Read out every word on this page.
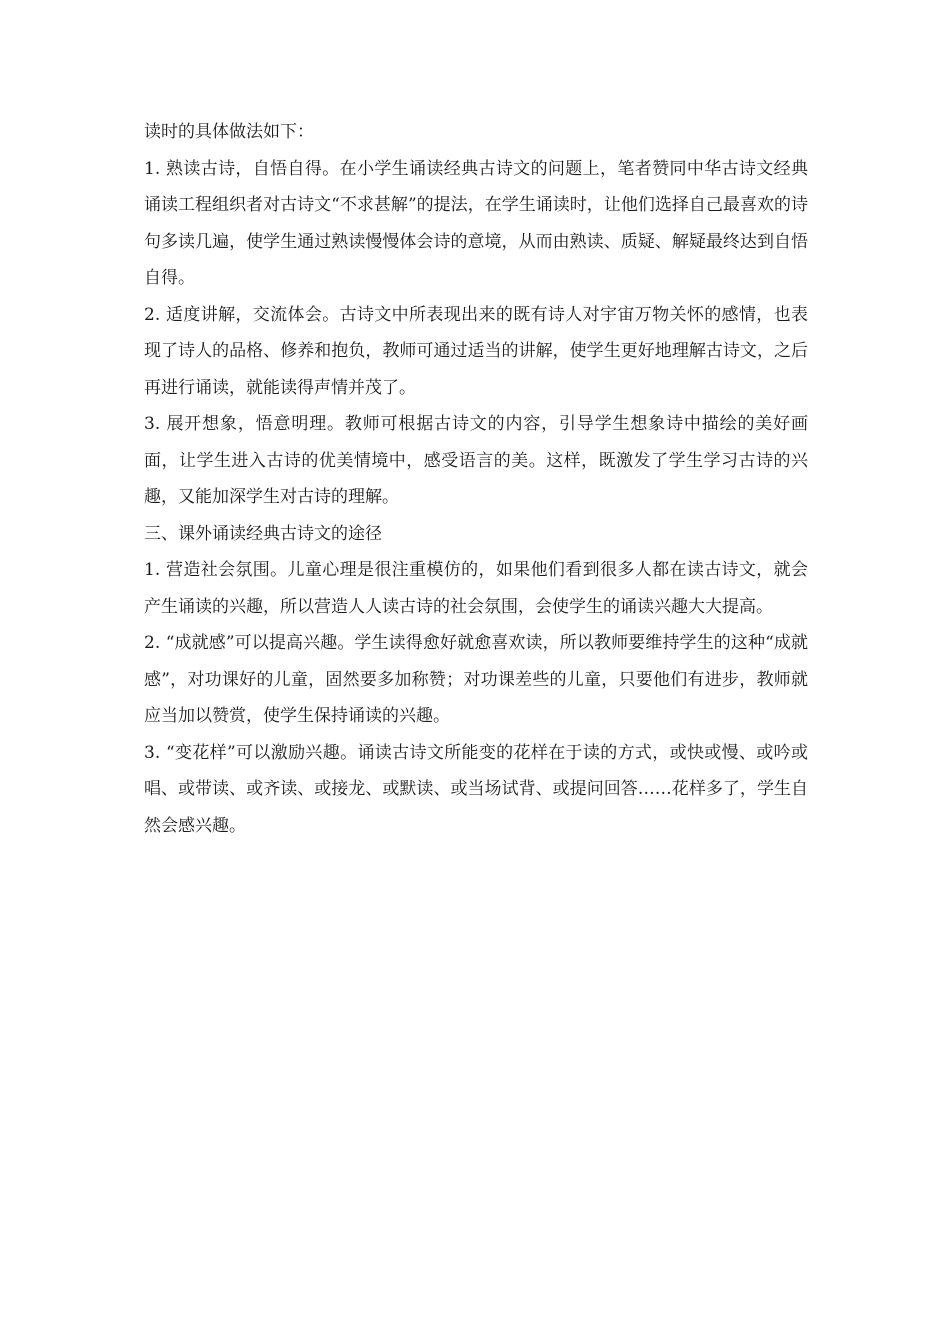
读时的具体做法如下：

1. 熟读古诗，自悟自得。在小学生诵读经典古诗文的问题上，笔者赞同中华古诗文经典诵读工程组织者对古诗文“不求甚解”的提法，在学生诵读时，让他们选择自己最喜欢的诗句多读几遍，使学生通过熟读慢慢体会诗的意境，从而由熟读、质疑、解疑最终达到自悟自得。

2. 适度讲解，交流体会。古诗文中所表现出来的既有诗人对宇宙万物关怀的感情，也表现了诗人的品格、修养和抱负，教师可通过适当的讲解，使学生更好地理解古诗文，之后再进行诵读，就能读得声情并茂了。

3. 展开想象，悟意明理。教师可根据古诗文的内容，引导学生想象诗中描绘的美好画面，让学生进入古诗的优美情境中，感受语言的美。这样，既激发了学生学习古诗的兴趣，又能加深学生对古诗的理解。

三、课外诵读经典古诗文的途径

1. 营造社会氛围。儿童心理是很注重模仿的，如果他们看到很多人都在读古诗文，就会产生诵读的兴趣，所以营造人人读古诗的社会氛围，会使学生的诵读兴趣大大提高。

2. “成就感”可以提高兴趣。学生读得愈好就愈喜欢读，所以教师要维持学生的这种“成就感”，对功课好的儿童，固然要多加称赞；对功课差些的儿童，只要他们有进步，教师就应当加以赞赏，使学生保持诵读的兴趣。

3. “变花样”可以激励兴趣。诵读古诗文所能变的花样在于读的方式，或快或慢、或吟或唱、或带读、或齐读、或接龙、或默读、或当场试背、或提问回答……花样多了，学生自然会感兴趣。
